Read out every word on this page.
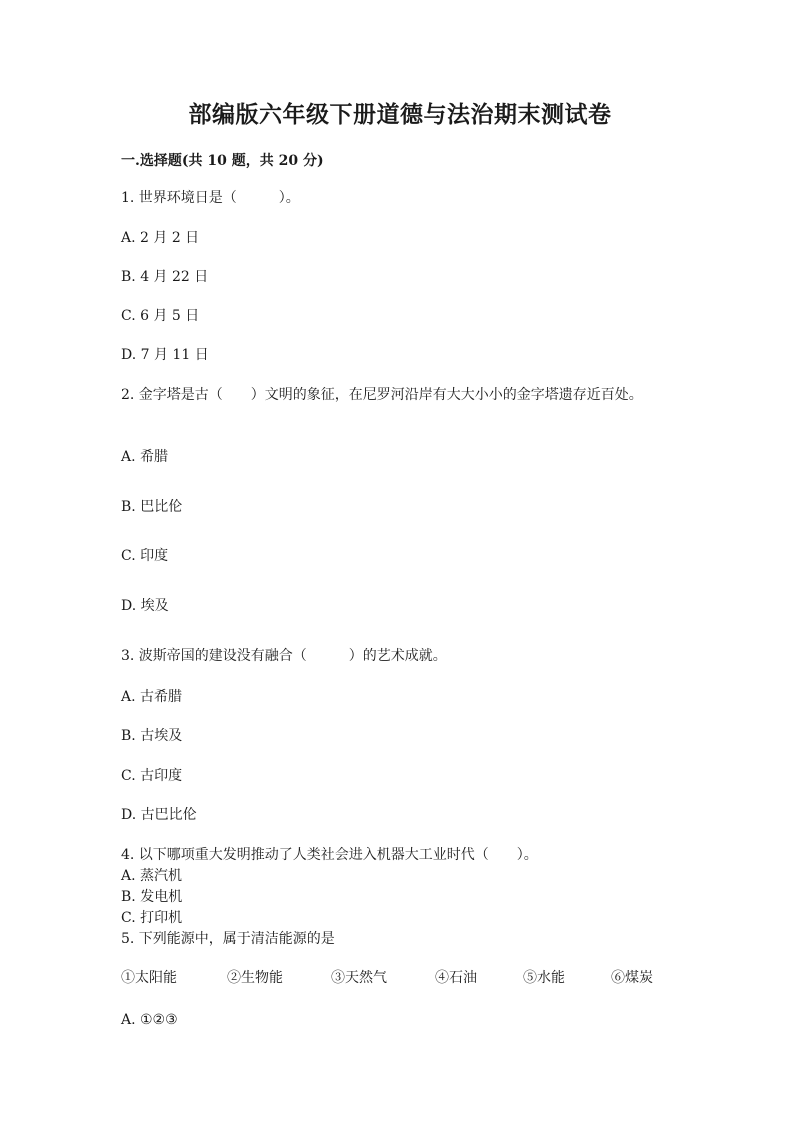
部编版六年级下册道德与法治期末测试卷
一.选择题(共 10 题，共 20 分)
1. 世界环境日是（　　　）。
A. 2 月 2 日
B. 4 月 22 日
C. 6 月 5 日
D. 7 月 11 日
2. 金字塔是古（　　）文明的象征，在尼罗河沿岸有大大小小的金字塔遗存近百处。
A. 希腊
B. 巴比伦
C. 印度
D. 埃及
3. 波斯帝国的建设没有融合（　　　）的艺术成就。
A. 古希腊
B. 古埃及
C. 古印度
D. 古巴比伦
4. 以下哪项重大发明推动了人类社会进入机器大工业时代（　　）。
A. 蒸汽机
B. 发电机
C. 打印机
5. 下列能源中，属于清洁能源的是
①太阳能	②生物能	③天然气	④石油	⑤水能	⑥煤炭
A. ①②③
